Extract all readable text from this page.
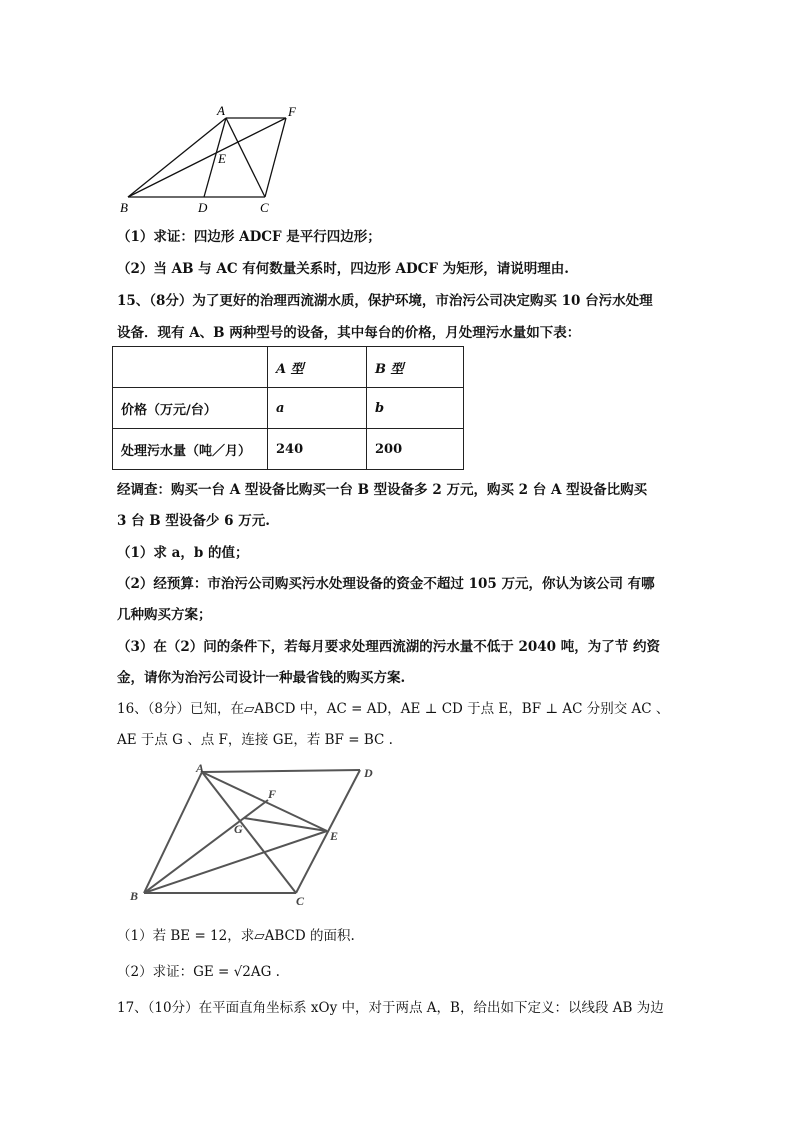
A	F
E
B	D	C
（1）求证：四边形 ADCF 是平行四边形；
（2）当 AB 与 AC 有何数量关系时，四边形 ADCF 为矩形，请说明理由.
15、（8分）为了更好的治理西流湖水质，保护环境，市治污公司决定购买 10 台污水处理
设备．现有 A、B 两种型号的设备，其中每台的价格，月处理污水量如下表：
	A 型	B 型
价格（万元/台）	a	b
处理污水量（吨／月）	240	200
经调查：购买一台 A 型设备比购买一台 B 型设备多 2 万元，购买 2 台 A 型设备比购买
3 台 B 型设备少 6 万元.
（1）求 a，b 的值；
（2）经预算：市治污公司购买污水处理设备的资金不超过 105 万元，你认为该公司 有哪
几种购买方案；
（3）在（2）问的条件下，若每月要求处理西流湖的污水量不低于 2040 吨，为了节 约资
金，请你为治污公司设计一种最省钱的购买方案.
16、（8分）已知，在▱ABCD 中，AC = AD，AE ⊥ CD 于点 E，BF ⊥ AC 分别交 AC 、
AE 于点 G 、点 F，连接 GE，若 BF = BC .
A	D
F
G	E
B	C
（1）若 BE = 12，求▱ABCD 的面积.
（2）求证：GE = √2AG .
17、（10分）在平面直角坐标系 xOy 中，对于两点 A，B，给出如下定义：以线段 AB 为边
